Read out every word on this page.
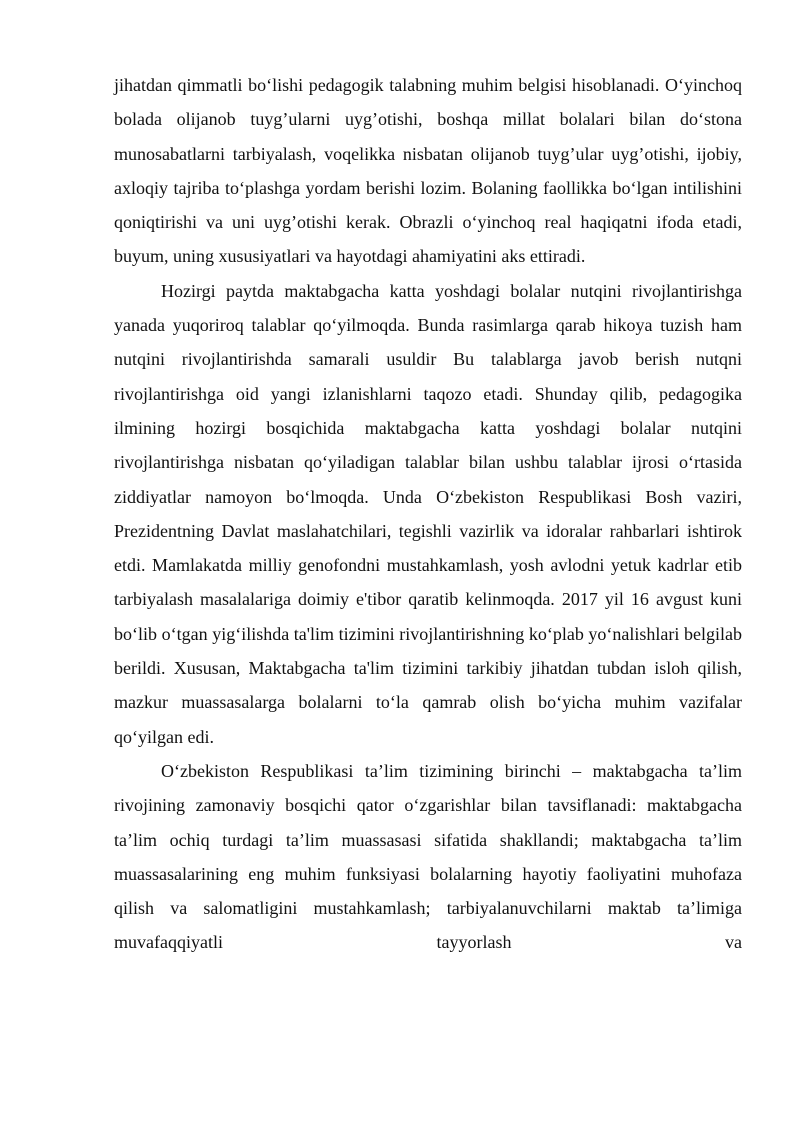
jihatdan qimmatli bo‘lishi pedagogik talabning muhim belgisi hisoblanadi. O‘yinchoq bolada olijanob tuyg’ularni uyg’otishi, boshqa millat bolalari bilan do‘stona munosabatlarni tarbiyalash, voqelikka nisbatan olijanob tuyg’ular uyg’otishi, ijobiy, axloqiy tajriba to‘plashga yordam berishi lozim. Bolaning faollikka bo‘lgan intilishini qoniqtirishi va uni uyg’otishi kerak. Obrazli o‘yinchoq real haqiqatni ifoda etadi, buyum, uning xususiyatlari va hayotdagi ahamiyatini aks ettiradi.

Hozirgi paytda maktabgacha katta yoshdagi bolalar nutqini rivojlantirishga yanada yuqoriroq talablar qo‘yilmoqda. Bunda rasimlarga qarab hikoya tuzish ham nutqini rivojlantirishda samarali usuldir Bu talablarga javob berish nutqni rivojlantirishga oid yangi izlanishlarni taqozo etadi. Shunday qilib, pedagogika ilmining hozirgi bosqichida maktabgacha katta yoshdagi bolalar nutqini rivojlantirishga nisbatan qo‘yiladigan talablar bilan ushbu talablar ijrosi o‘rtasida ziddiyatlar namoyon bo‘lmoqda. Unda O‘zbekiston Respublikasi Bosh vaziri, Prezidentning Davlat maslahatchilari, tegishli vazirlik va idoralar rahbarlari ishtirok etdi. Mamlakatda milliy genofondni mustahkamlash, yosh avlodni yetuk kadrlar etib tarbiyalash masalalariga doimiy e'tibor qaratib kelinmoqda. 2017 yil 16 avgust kuni bo‘lib o‘tgan yig‘ilishda ta'lim tizimini rivojlantirishning ko‘plab yo‘nalishlari belgilab berildi. Xususan, Maktabgacha ta'lim tizimini tarkibiy jihatdan tubdan isloh qilish, mazkur muassasalarga bolalarni to‘la qamrab olish bo‘yicha muhim vazifalar qo‘yilgan edi.

O‘zbekiston Respublikasi ta’lim tizimining birinchi – maktabgacha ta’lim rivojining zamonaviy bosqichi qator o‘zgarishlar bilan tavsiflanadi: maktabgacha ta’lim ochiq turdagi ta’lim muassasasi sifatida shakllandi; maktabgacha ta’lim muassasalarining eng muhim funksiyasi bolalarning hayotiy faoliyatini muhofaza qilish va salomatligini mustahkamlash; tarbiyalanuvchilarni maktab ta’limiga muvafaqqiyatli tayyorlash va
